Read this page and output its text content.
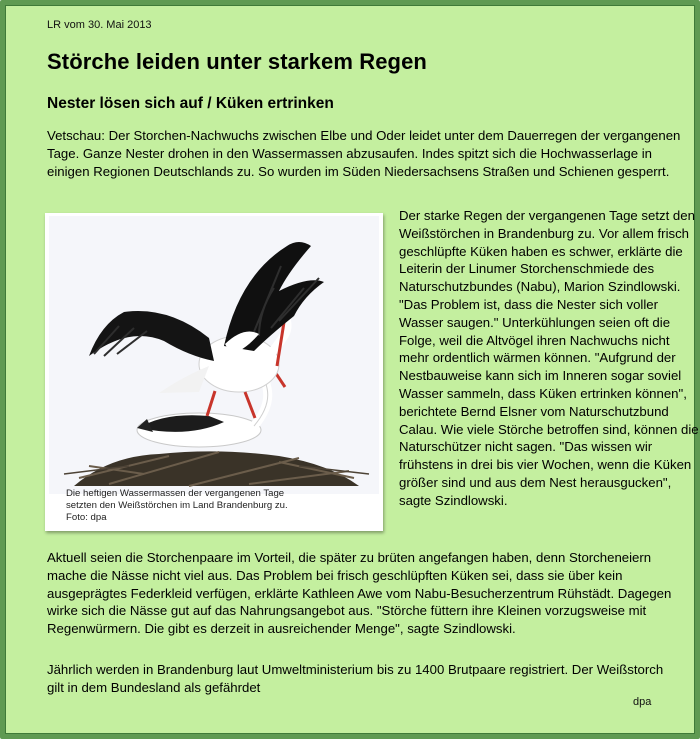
LR vom 30. Mai 2013
Störche leiden unter starkem Regen
Nester lösen sich auf / Küken ertrinken

Vetschau: Der Storchen-Nachwuchs zwischen Elbe und Oder leidet unter dem Dauerregen der vergangenen Tage. Ganze Nester drohen in den Wassermassen abzusaufen. Indes spitzt sich die Hochwasserlage in einigen Regionen Deutschlands zu. So wurden im Süden Niedersachsens Straßen und Schienen gesperrt.

Die heftigen Wassermassen der vergangenen Tage
setzten den Weißstörchen im Land Brandenburg zu.
Foto: dpa

Der starke Regen der vergangenen Tage setzt den Weißstörchen in Brandenburg zu. Vor allem frisch geschlüpfte Küken haben es schwer, erklärte die Leiterin der Linumer Storchenschmiede des Naturschutzbundes (Nabu), Marion Szindlowski. "Das Problem ist, dass die Nester sich voller Wasser saugen." Unterkühlungen seien oft die Folge, weil die Altvögel ihren Nachwuchs nicht mehr ordentlich wärmen können. "Aufgrund der Nestbauweise kann sich im Inneren sogar soviel Wasser sammeln, dass Küken ertrinken können", berichtete Bernd Elsner vom Naturschutzbund Calau. Wie viele Störche betroffen sind, können die Naturschützer nicht sagen. "Das wissen wir frühstens in drei bis vier Wochen, wenn die Küken größer sind und aus dem Nest herausgucken", sagte Szindlowski.

Aktuell seien die Storchenpaare im Vorteil, die später zu brüten angefangen haben, denn Storcheneiern mache die Nässe nicht viel aus. Das Problem bei frisch geschlüpften Küken sei, dass sie über kein ausgeprägtes Federkleid verfügen, erklärte Kathleen Awe vom Nabu-Besucherzentrum Rühstädt. Dagegen wirke sich die Nässe gut auf das Nahrungsangebot aus. "Störche füttern ihre Kleinen vorzugsweise mit Regenwürmern. Die gibt es derzeit in ausreichender Menge", sagte Szindlowski.

Jährlich werden in Brandenburg laut Umweltministerium bis zu 1400 Brutpaare registriert. Der Weißstorch gilt in dem Bundesland als gefährdet

dpa
